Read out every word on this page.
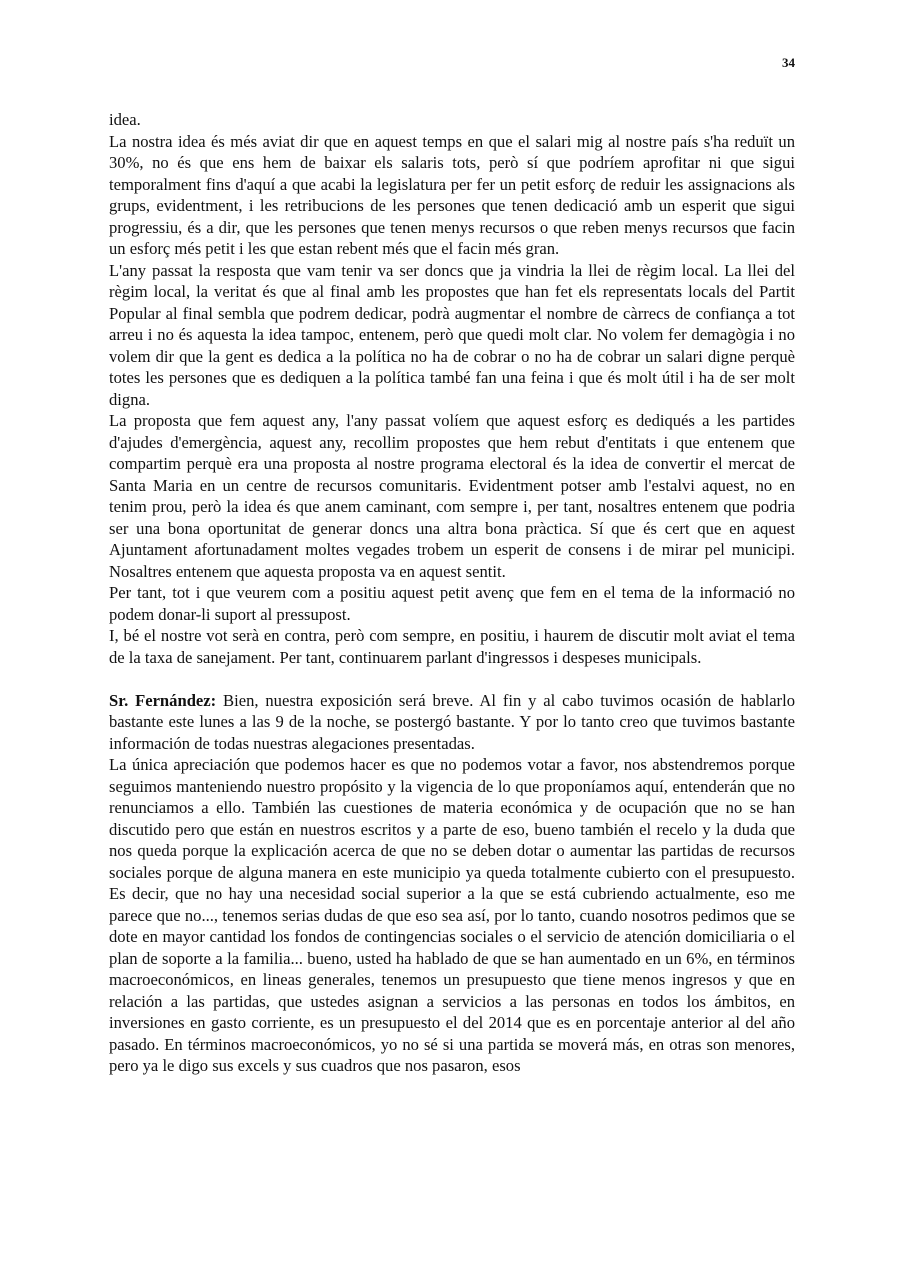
34

idea.

La nostra idea és més aviat dir que en aquest temps en que el salari mig al nostre país s'ha reduït un 30%, no és que ens hem de baixar els salaris tots, però sí que podríem aprofitar ni que sigui temporalment fins d'aquí a que acabi la legislatura per fer un petit esforç de reduir les assignacions als grups, evidentment, i les retribucions de les persones que tenen dedicació amb un esperit que sigui progressiu, és a dir, que les persones que tenen menys recursos o que reben menys recursos que facin un esforç més petit i les que estan rebent més que el facin més gran.

L'any passat la resposta que vam tenir va ser doncs que ja vindria la llei de règim local. La llei del règim local, la veritat és que al final amb les propostes que han fet els representats locals del Partit Popular al final sembla que podrem dedicar, podrà augmentar el nombre de càrrecs de confiança a tot arreu i no és aquesta la idea tampoc, entenem, però que quedi molt clar. No volem fer demagògia i no volem dir que la gent es dedica a la política no ha de cobrar o no ha de cobrar un salari digne perquè totes les persones que es dediquen a la política també fan una feina i que és molt útil i ha de ser molt digna.

La proposta que fem aquest any, l'any passat volíem que aquest esforç es dediqués a les partides d'ajudes d'emergència, aquest any, recollim propostes que hem rebut d'entitats i que entenem que compartim perquè era una proposta al nostre programa electoral és la idea de convertir el mercat de Santa Maria en un centre de recursos comunitaris. Evidentment potser amb l'estalvi aquest, no en tenim prou, però la idea és que anem caminant, com sempre i, per tant, nosaltres entenem que podria ser una bona oportunitat de generar doncs una altra bona pràctica. Sí que és cert que en aquest Ajuntament afortunadament moltes vegades trobem un esperit de consens i de mirar pel municipi. Nosaltres entenem que aquesta proposta va en aquest sentit.

Per tant, tot i que veurem com a positiu aquest petit avenç que fem en el tema de la informació no podem donar-li suport al pressupost.

I, bé el nostre vot serà en contra, però com sempre, en positiu, i haurem de discutir molt aviat el tema de la taxa de sanejament. Per tant, continuarem parlant d'ingressos i despeses municipals.

Sr. Fernández: Bien, nuestra exposición será breve. Al fin y al cabo tuvimos ocasión de hablarlo bastante este lunes a las 9 de la noche, se postergó bastante. Y por lo tanto creo que tuvimos bastante información de todas nuestras alegaciones presentadas.

La única apreciación que podemos hacer es que no podemos votar a favor, nos abstendremos porque seguimos manteniendo nuestro propósito y la vigencia de lo que proponíamos aquí, entenderán que no renunciamos a ello. También las cuestiones de materia económica y de ocupación que no se han discutido pero que están en nuestros escritos y a parte de eso, bueno también el recelo y la duda que nos queda porque la explicación acerca de que no se deben dotar o aumentar las partidas de recursos sociales porque de alguna manera en este municipio ya queda totalmente cubierto con el presupuesto. Es decir, que no hay una necesidad social superior a la que se está cubriendo actualmente, eso me parece que no..., tenemos serias dudas de que eso sea así, por lo tanto, cuando nosotros pedimos que se dote en mayor cantidad los fondos de contingencias sociales o el servicio de atención domiciliaria o el plan de soporte a la familia... bueno, usted ha hablado de que se han aumentado en un 6%, en términos macroeconómicos, en lineas generales, tenemos un presupuesto que tiene menos ingresos y que en relación a las partidas, que ustedes asignan a servicios a las personas en todos los ámbitos, en inversiones en gasto corriente, es un presupuesto el del 2014 que es en porcentaje anterior al del año pasado. En términos macroeconómicos, yo no sé si una partida se moverá más, en otras son menores, pero ya le digo sus excels y sus cuadros que nos pasaron, esos
